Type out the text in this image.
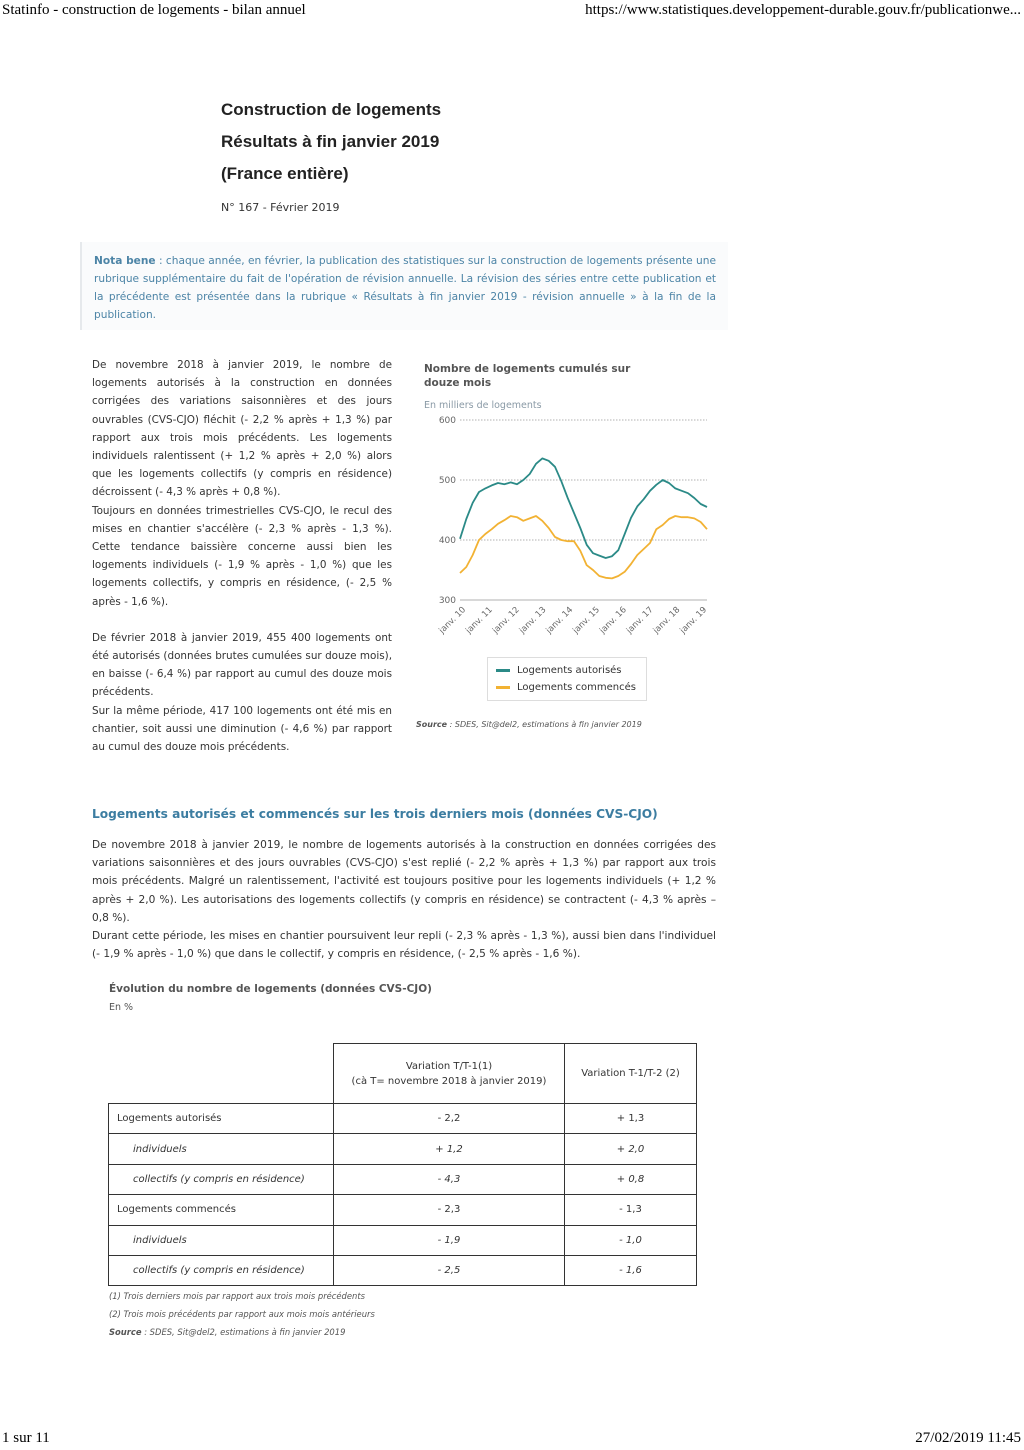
Statinfo - construction de logements - bilan annuel	https://www.statistiques.developpement-durable.gouv.fr/publicationwe...
Construction de logements
Résultats à fin janvier 2019
(France entière)
N° 167 - Février 2019

Nota bene : chaque année, en février, la publication des statistiques sur la construction de logements présente une rubrique supplémentaire du fait de l'opération de révision annuelle. La révision des séries entre cette publication et la précédente est présentée dans la rubrique « Résultats à fin janvier 2019 - révision annuelle » à la fin de la publication.

De novembre 2018 à janvier 2019, le nombre de logements autorisés à la construction en données corrigées des variations saisonnières et des jours ouvrables (CVS-CJO) fléchit (- 2,2 % après + 1,3 %) par rapport aux trois mois précédents. Les logements individuels ralentissent (+ 1,2 % après + 2,0 %) alors que les logements collectifs (y compris en résidence) décroissent (- 4,3 % après + 0,8 %).

Toujours en données trimestrielles CVS-CJO, le recul des mises en chantier s'accélère (- 2,3 % après - 1,3 %). Cette tendance baissière concerne aussi bien les logements individuels (- 1,9 % après - 1,0 %) que les logements collectifs, y compris en résidence, (- 2,5 % après - 1,6 %).

De février 2018 à janvier 2019, 455 400 logements ont été autorisés (données brutes cumulées sur douze mois), en baisse (- 6,4 %) par rapport au cumul des douze mois précédents.

Sur la même période, 417 100 logements ont été mis en chantier, soit aussi une diminution (- 4,6 %) par rapport au cumul des douze mois précédents.

Nombre de logements cumulés sur douze mois
En milliers de logements
300
400
500
600
janv. 10
janv. 11
janv. 12
janv. 13
janv. 14
janv. 15
janv. 16
janv. 17
janv. 18
janv. 19
Logements autorisés
Logements commencés
Source : SDES, Sit@del2, estimations à fin janvier 2019
Logements autorisés et commencés sur les trois derniers mois (données CVS-CJO)

De novembre 2018 à janvier 2019, le nombre de logements autorisés à la construction en données corrigées des variations saisonnières et des jours ouvrables (CVS-CJO) s'est replié (- 2,2 % après + 1,3 %) par rapport aux trois mois précédents. Malgré un ralentissement, l'activité est toujours positive pour les logements individuels (+ 1,2 % après + 2,0 %). Les autorisations des logements collectifs (y compris en résidence) se contractent (- 4,3 % après – 0,8 %).

Durant cette période, les mises en chantier poursuivent leur repli (- 2,3 % après - 1,3 %), aussi bien dans l'individuel (- 1,9 % après - 1,0 %) que dans le collectif, y compris en résidence, (- 2,5 % après - 1,6 %).

Évolution du nombre de logements (données CVS-CJO)
En %

	Variation T/T-1(1)
(cà T= novembre 2018 à janvier 2019)	Variation T-1/T-2 (2)
Logements autorisés	- 2,2	+ 1,3
individuels	+ 1,2	+ 2,0
collectifs (y compris en résidence)	- 4,3	+ 0,8
Logements commencés	- 2,3	- 1,3
individuels	- 1,9	- 1,0
collectifs (y compris en résidence)	- 2,5	- 1,6
(1) Trois derniers mois par rapport aux trois mois précédents
(2) Trois mois précédents par rapport aux mois mois antérieurs
Source : SDES, Sit@del2, estimations à fin janvier 2019
1 sur 11	27/02/2019 11:45
